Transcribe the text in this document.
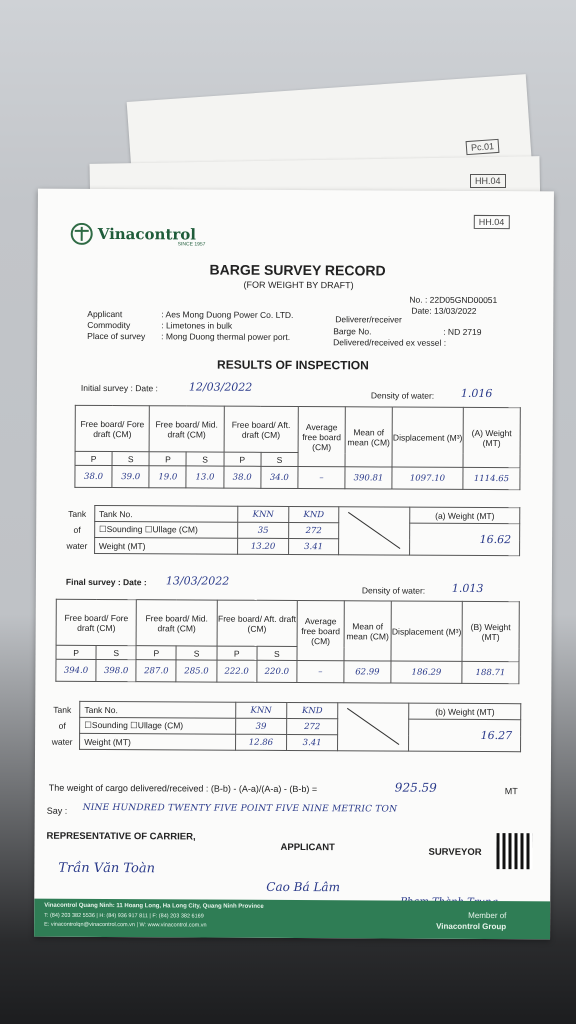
Pc.01
HH.04
HH.04
Vinacontrol
SINCE 1957
BARGE SURVEY RECORD
(FOR WEIGHT BY DRAFT)
No. : 22D05GND00051
Date: 13/03/2022
Applicant	: Aes Mong Duong Power Co. LTD.
Commodity	: Limetones in bulk
Place of survey : Mong Duong thermal power port.
Deliverer/receiver
Barge No.	: ND 2719
Delivered/received ex vessel :
RESULTS OF INSPECTION
Initial survey : Date :	12/03/2022
Density of water: 1.016
Free board/ Fore draft (CM)		Free board/ Mid. draft (CM)		Free board/ Aft. draft (CM)		Average free board (CM)	Mean of mean (CM)	Displacement (M³)	(A) Weight (MT)
P	S	P	S	P	S				
38.0	39.0	19.0	13.0	38.0	34.0	–	390.81	1097.10	1114.65
Tank	Tank No.	KNN	KND		(a) Weight (MT)
of	☐Sounding ☐Ullage (CM)	35	272		16.62
water	Weight (MT)	13.20	3.41		
Final survey : Date : 13/03/2022
Density of water: 1.013
Free board/ Fore draft (CM)		Free board/ Mid. draft (CM)		Free board/ Aft. draft (CM)		Average free board (CM)	Mean of mean (CM)	Displacement (M³)	(B) Weight (MT)
P	S	P	S	P	S				
394.0	398.0	287.0	285.0	222.0	220.0	–	62.99	186.29	188.71
Tank	Tank No.	KNN	KND		(b) Weight (MT)
of	☐Sounding ☐Ullage (CM)	39	272		16.27
water	Weight (MT)	12.86	3.41		
The weight of cargo delivered/received : (B-b) - (A-a)/(A-a) - (B-b) =	925.59	MT
Say : NINE HUNDRED TWENTY FIVE POINT FIVE NINE METRIC TON
REPRESENTATIVE OF CARRIER,
APPLICANT	SURVEYOR
Trần Văn Toàn
Cao Bá Lâm
Vinacontrol Quang Ninh: 11 Hoang Long, Ha Long City, Quang Ninh Province
T: (84) 203 382 5536 | H: (84) 936 917 811 | F: (84) 203 382 6169
E: vinacontrolqn@vinacontrol.com.vn | W: www.vinacontrol.com.vn
Member of
Vinacontrol Group
